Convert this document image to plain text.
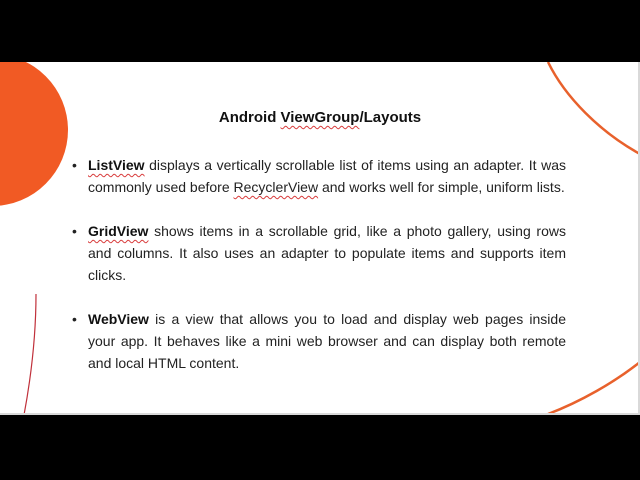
Android ViewGroup/Layouts
• ListView displays a vertically scrollable list of items using an adapter. It was commonly used before RecyclerView and works well for simple, uniform lists.
• GridView shows items in a scrollable grid, like a photo gallery, using rows and columns. It also uses an adapter to populate items and supports item clicks.
• WebView is a view that allows you to load and display web pages inside your app. It behaves like a mini web browser and can display both remote and local HTML content.
